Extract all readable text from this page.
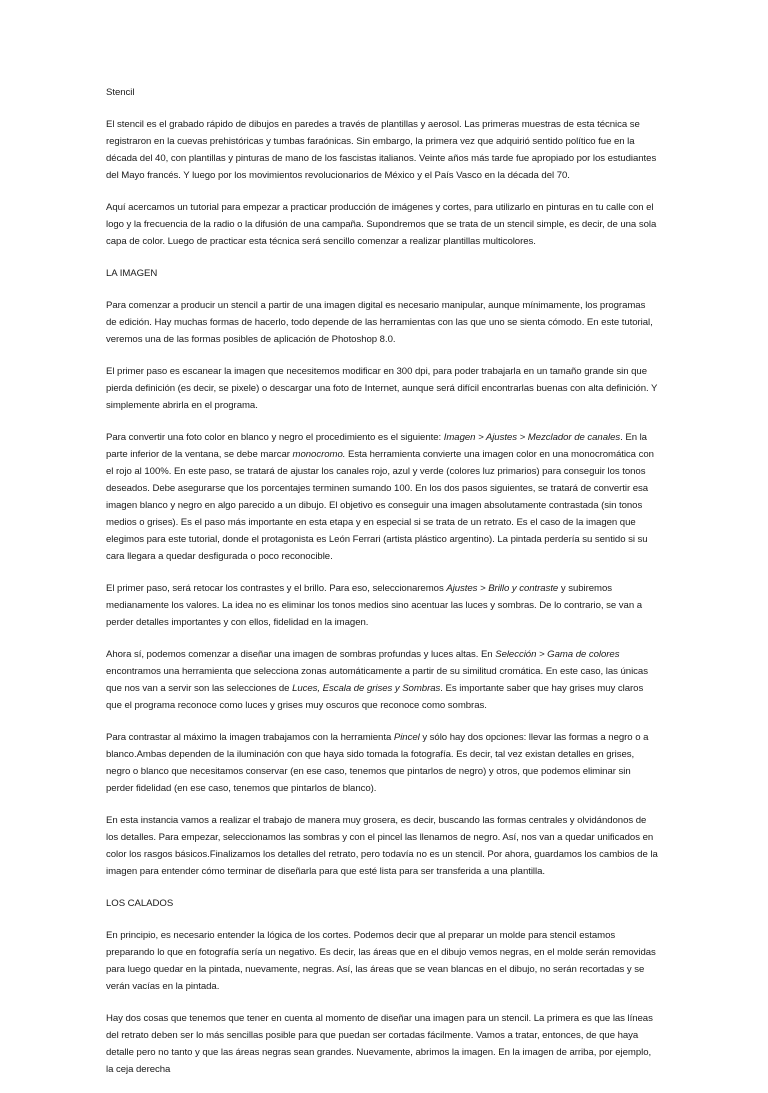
Stencil

El stencil es el grabado rápido de dibujos en paredes a través de plantillas y aerosol. Las primeras muestras de esta técnica se registraron en la cuevas prehistóricas y tumbas faraónicas. Sin embargo, la primera vez que adquirió sentido político fue en la década del 40, con plantillas y pinturas de mano de los fascistas italianos. Veinte años más tarde fue apropiado por los estudiantes del Mayo francés. Y luego por los movimientos revolucionarios de México y el País Vasco en la década del 70.

Aquí acercamos un tutorial para empezar a practicar producción de imágenes y cortes, para utilizarlo en pinturas en tu calle con el logo y la frecuencia de la radio o la difusión de una campaña. Supondremos que se trata de un stencil simple, es decir, de una sola capa de color. Luego de practicar esta técnica será sencillo comenzar a realizar plantillas multicolores.

LA IMAGEN

Para comenzar a producir un stencil a partir de una imagen digital es necesario manipular, aunque mínimamente, los programas de edición. Hay muchas formas de hacerlo, todo depende de las herramientas con las que uno se sienta cómodo. En este tutorial, veremos una de las formas posibles de aplicación de Photoshop 8.0.

El primer paso es escanear la imagen que necesitemos modificar en 300 dpi, para poder trabajarla en un tamaño grande sin que pierda definición (es decir, se pixele) o descargar una foto de Internet, aunque será difícil encontrarlas buenas con alta definición. Y simplemente abrirla en el programa.

Para convertir una foto color en blanco y negro el procedimiento es el siguiente: Imagen > Ajustes > Mezclador de canales. En la parte inferior de la ventana, se debe marcar monocromo. Esta herramienta convierte una imagen color en una monocromática con el rojo al 100%. En este paso, se tratará de ajustar los canales rojo, azul y verde (colores luz primarios) para conseguir los tonos deseados. Debe asegurarse que los porcentajes terminen sumando 100. En los dos pasos siguientes, se tratará de convertir esa imagen blanco y negro en algo parecido a un dibujo. El objetivo es conseguir una imagen absolutamente contrastada (sin tonos medios o grises). Es el paso más importante en esta etapa y en especial si se trata de un retrato. Es el caso de la imagen que elegimos para este tutorial, donde el protagonista es León Ferrari (artista plástico argentino). La pintada perdería su sentido si su cara llegara a quedar desfigurada o poco reconocible.

El primer paso, será retocar los contrastes y el brillo. Para eso, seleccionaremos Ajustes > Brillo y contraste y subiremos medianamente los valores. La idea no es eliminar los tonos medios sino acentuar las luces y sombras. De lo contrario, se van a perder detalles importantes y con ellos, fidelidad en la imagen.

Ahora sí, podemos comenzar a diseñar una imagen de sombras profundas y luces altas. En Selección > Gama de colores encontramos una herramienta que selecciona zonas automáticamente a partir de su similitud cromática. En este caso, las únicas que nos van a servir son las selecciones de Luces, Escala de grises y Sombras. Es importante saber que hay grises muy claros que el programa reconoce como luces y grises muy oscuros que reconoce como sombras.

Para contrastar al máximo la imagen trabajamos con la herramienta Pincel y sólo hay dos opciones: llevar las formas a negro o a blanco.Ambas dependen de la iluminación con que haya sido tomada la fotografía. Es decir, tal vez existan detalles en grises, negro o blanco que necesitamos conservar (en ese caso, tenemos que pintarlos de negro) y otros, que podemos eliminar sin perder fidelidad (en ese caso, tenemos que pintarlos de blanco).

En esta instancia vamos a realizar el trabajo de manera muy grosera, es decir, buscando las formas centrales y olvidándonos de los detalles. Para empezar, seleccionamos las sombras y con el pincel las llenamos de negro. Así, nos van a quedar unificados en color los rasgos básicos.Finalizamos los detalles del retrato, pero todavía no es un stencil. Por ahora, guardamos los cambios de la imagen para entender cómo terminar de diseñarla para que esté lista para ser transferida a una plantilla.

LOS CALADOS

En principio, es necesario entender la lógica de los cortes. Podemos decir que al preparar un molde para stencil estamos preparando lo que en fotografía sería un negativo. Es decir, las áreas que en el dibujo vemos negras, en el molde serán removidas para luego quedar en la pintada, nuevamente, negras. Así, las áreas que se vean blancas en el dibujo, no serán recortadas y se verán vacías en la pintada.

Hay dos cosas que tenemos que tener en cuenta al momento de diseñar una imagen para un stencil. La primera es que las líneas del retrato deben ser lo más sencillas posible para que puedan ser cortadas fácilmente. Vamos a tratar, entonces, de que haya detalle pero no tanto y que las áreas negras sean grandes. Nuevamente, abrimos la imagen. En la imagen de arriba, por ejemplo, la ceja derecha
